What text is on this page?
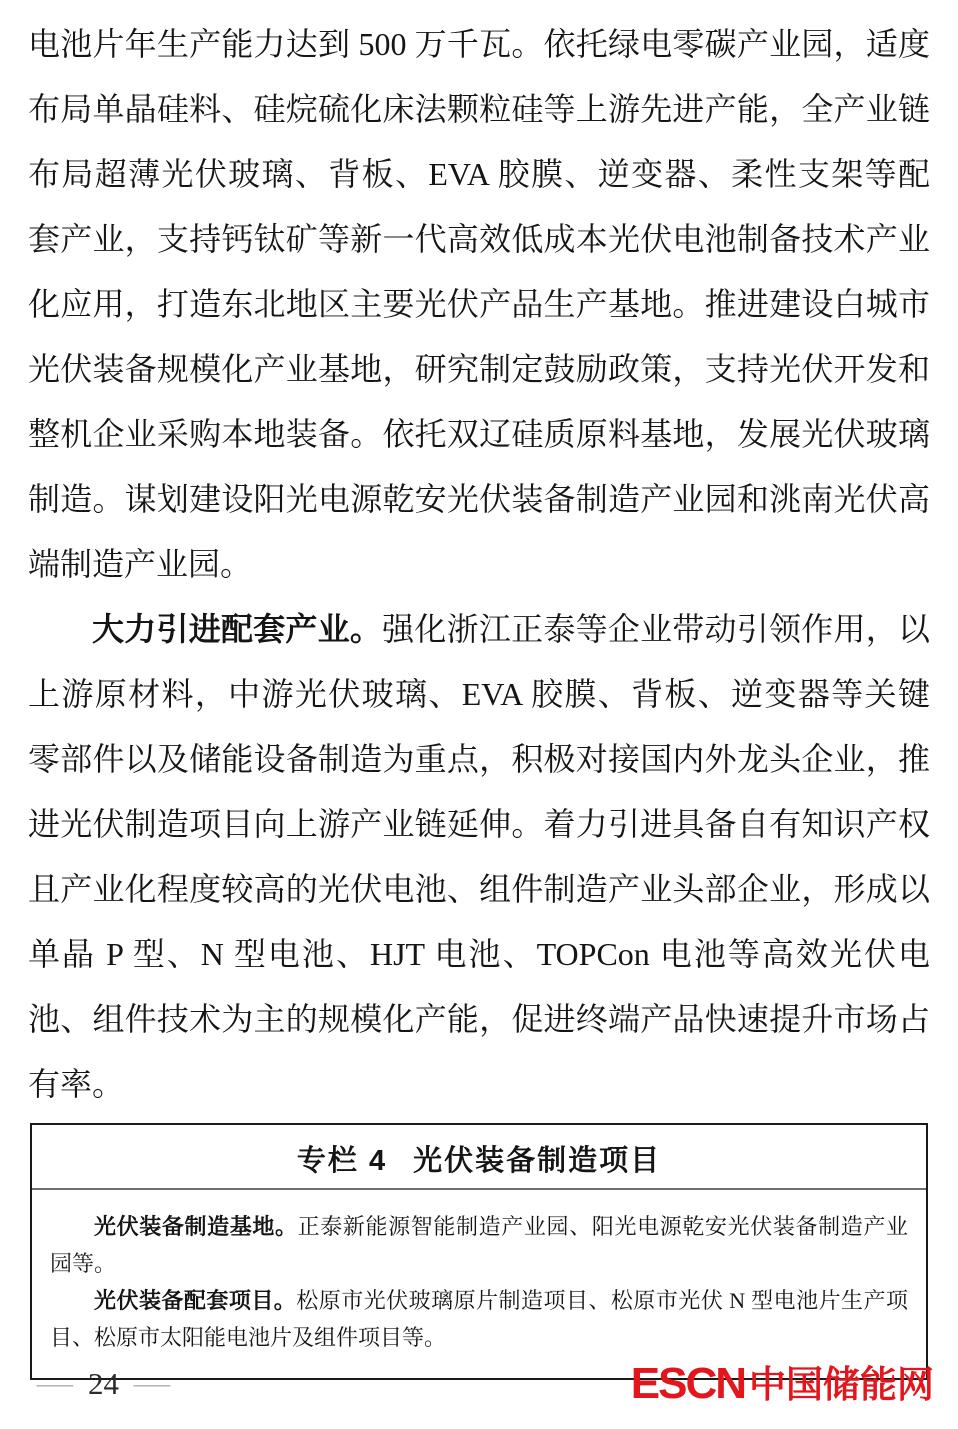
电池片年生产能力达到 500 万千瓦。依托绿电零碳产业园，适度
布局单晶硅料、硅烷硫化床法颗粒硅等上游先进产能，全产业链
布局超薄光伏玻璃、背板、EVA 胶膜、逆变器、柔性支架等配
套产业，支持钙钛矿等新一代高效低成本光伏电池制备技术产业
化应用，打造东北地区主要光伏产品生产基地。推进建设白城市
光伏装备规模化产业基地，研究制定鼓励政策，支持光伏开发和
整机企业采购本地装备。依托双辽硅质原料基地，发展光伏玻璃
制造。谋划建设阳光电源乾安光伏装备制造产业园和洮南光伏高
端制造产业园。
大力引进配套产业。强化浙江正泰等企业带动引领作用，以
上游原材料，中游光伏玻璃、EVA 胶膜、背板、逆变器等关键
零部件以及储能设备制造为重点，积极对接国内外龙头企业，推
进光伏制造项目向上游产业链延伸。着力引进具备自有知识产权
且产业化程度较高的光伏电池、组件制造产业头部企业，形成以
单晶 P 型、N 型电池、HJT 电池、TOPCon 电池等高效光伏电
池、组件技术为主的规模化产能，促进终端产品快速提升市场占
有率。
专栏 4 光伏装备制造项目

光伏装备制造基地。正泰新能源智能制造产业园、阳光电源乾安光伏装备制造产业园等。

光伏装备配套项目。松原市光伏玻璃原片制造项目、松原市光伏 N 型电池片生产项目、松原市太阳能电池片及组件项目等。

— 24 —	ESCN 中国储能网
